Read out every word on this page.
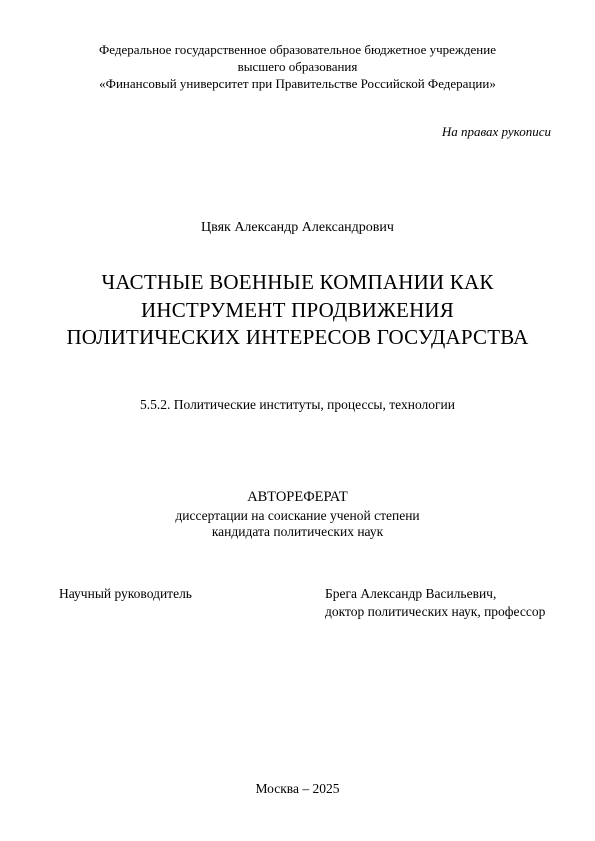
Федеральное государственное образовательное бюджетное учреждение
высшего образования
«Финансовый университет при Правительстве Российской Федерации»
На правах рукописи
Цвяк Александр Александрович
ЧАСТНЫЕ ВОЕННЫЕ КОМПАНИИ КАК
ИНСТРУМЕНТ ПРОДВИЖЕНИЯ
ПОЛИТИЧЕСКИХ ИНТЕРЕСОВ ГОСУДАРСТВА
5.5.2. Политические институты, процессы, технологии
АВТОРЕФЕРАТ
диссертации на соискание ученой степени
кандидата политических наук
Научный руководитель	Брега Александр Васильевич,
доктор политических наук, профессор
Москва – 2025
